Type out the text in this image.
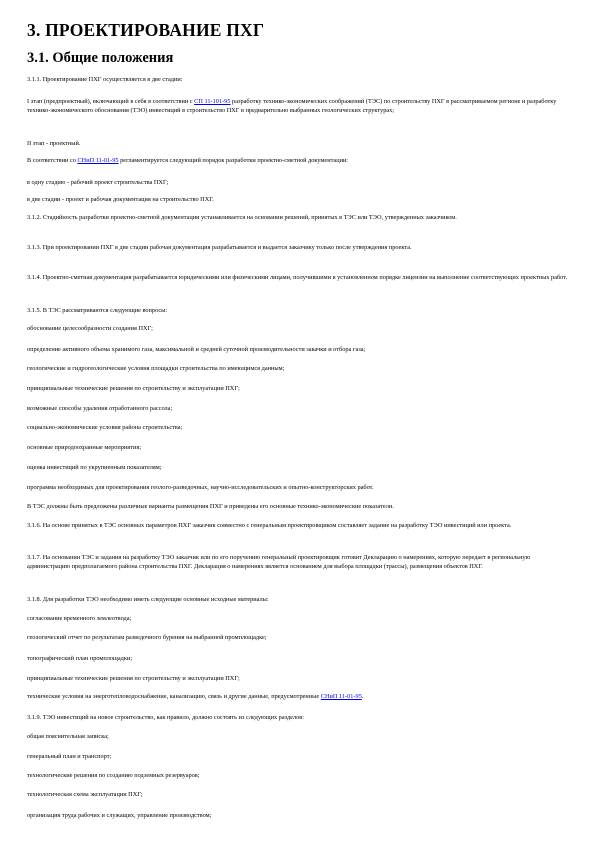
3. ПРОЕКТИРОВАНИЕ ПХГ
3.1. Общие положения

3.1.1. Проектирование ПХГ осуществляется в две стадии:

I этап (предпроектный), включающий в себя в соответствии с СП 11-101-95 разработку технико-экономических соображений (ТЭС) по строительству ПХГ в рассматриваемом регионе и разработку технико-экономического обоснования (ТЭО) инвестиций в строительство ПХГ в предварительно выбранных геологических структурах;

II этап - проектный.

В соответствии со СНиП 11-01-95 регламентируется следующий порядок разработки проектно-сметной документации:

в одну стадию - рабочий проект строительства ПХГ;

в две стадии - проект и рабочая документация на строительство ПХГ.

3.1.2. Стадийность разработки проектно-сметной документации устанавливается на основании решений, принятых в ТЭС или ТЭО, утвержденных заказчиком.

3.1.3. При проектировании ПХГ в две стадии рабочая документация разрабатывается и выдается заказчику только после утверждения проекта.

3.1.4. Проектно-сметная документация разрабатывается юридическими или физическими лицами, получившими в установленном порядке лицензии на выполнение соответствующих проектных работ.

3.1.5. В ТЭС рассматриваются следующие вопросы:

обоснование целесообразности создания ПХГ;

определение активного объема хранимого газа, максимальной и средней суточной производительности закачки и отбора газа;

геологические и гидрогеологические условия площадки строительства по имеющимся данным;

принципиальные технические решения по строительству и эксплуатации ПХГ;

возможные способы удаления отработанного рассола;

социально-экономические условия района строительства;

основные природоохранные мероприятия;

оценка инвестиций по укрупненным показателям;

программа необходимых для проектирования геолого-разведочных, научно-исследовательских и опытно-конструкторских работ.

В ТЭС должны быть предложены различные варианты размещения ПХГ и приведены его основные технико-экономические показатели.

3.1.6. На основе принятых в ТЭС основных параметров ПХГ заказчик совместно с генеральным проектировщиком составляет задание на разработку ТЭО инвестиций или проекта.

3.1.7. На основании ТЭС и задания на разработку ТЭО заказчик или по его поручению генеральный проектировщик готовит Декларацию о намерениях, которую передает в региональную администрацию предполагаемого района строительства ПХГ. Декларация о намерениях является основанием для выбора площадки (трассы), размещения объектов ПХГ.

3.1.8. Для разработки ТЭО необходимо иметь следующие основные исходные материалы:

согласование временного землеотвода;

геологический отчет по результатам разведочного бурения на выбранной промплощадке;

топографический план промплощадки;

принципиальные технические решения по строительству и эксплуатации ПХГ;

технические условия на энерготепловодоснабжение, канализацию, связь и другие данные, предусмотренные СНиП 11-01-95.

3.1.9. ТЭО инвестиций на новое строительство, как правило, должно состоять из следующих разделов:

общая пояснительная записка;

генеральный план и транспорт;

технологические решения по созданию подземных резервуаров;

технологическая схема эксплуатации ПХГ;

организация труда рабочих и служащих, управление производством;
